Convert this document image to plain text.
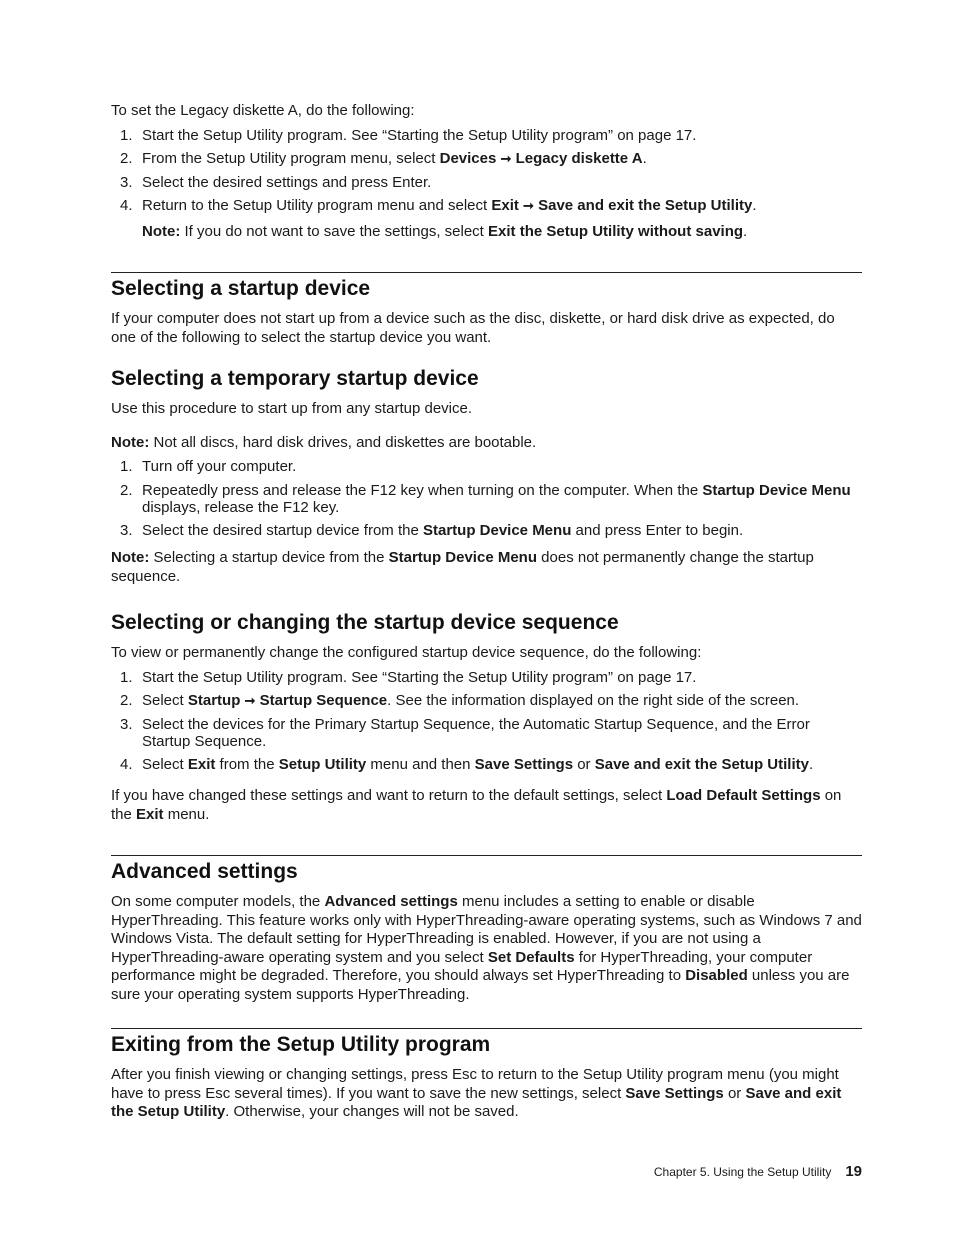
To set the Legacy diskette A, do the following:

1. Start the Setup Utility program. See “Starting the Setup Utility program” on page 17.
2. From the Setup Utility program menu, select Devices ➞ Legacy diskette A.
3. Select the desired settings and press Enter.
4. Return to the Setup Utility program menu and select Exit ➞ Save and exit the Setup Utility.

Note: If you do not want to save the settings, select Exit the Setup Utility without saving.

Selecting a startup device

If your computer does not start up from a device such as the disc, diskette, or hard disk drive as expected, do one of the following to select the startup device you want.

Selecting a temporary startup device

Use this procedure to start up from any startup device.

Note: Not all discs, hard disk drives, and diskettes are bootable.

1. Turn off your computer.
2. Repeatedly press and release the F12 key when turning on the computer. When the Startup Device Menu displays, release the F12 key.
3. Select the desired startup device from the Startup Device Menu and press Enter to begin.

Note: Selecting a startup device from the Startup Device Menu does not permanently change the startup sequence.

Selecting or changing the startup device sequence

To view or permanently change the configured startup device sequence, do the following:

1. Start the Setup Utility program. See “Starting the Setup Utility program” on page 17.
2. Select Startup ➞ Startup Sequence. See the information displayed on the right side of the screen.
3. Select the devices for the Primary Startup Sequence, the Automatic Startup Sequence, and the Error Startup Sequence.
4. Select Exit from the Setup Utility menu and then Save Settings or Save and exit the Setup Utility.

If you have changed these settings and want to return to the default settings, select Load Default Settings on the Exit menu.

Advanced settings

On some computer models, the Advanced settings menu includes a setting to enable or disable HyperThreading. This feature works only with HyperThreading-aware operating systems, such as Windows 7 and Windows Vista. The default setting for HyperThreading is enabled. However, if you are not using a HyperThreading-aware operating system and you select Set Defaults for HyperThreading, your computer performance might be degraded. Therefore, you should always set HyperThreading to Disabled unless you are sure your operating system supports HyperThreading.

Exiting from the Setup Utility program

After you finish viewing or changing settings, press Esc to return to the Setup Utility program menu (you might have to press Esc several times). If you want to save the new settings, select Save Settings or Save and exit the Setup Utility. Otherwise, your changes will not be saved.

Chapter 5. Using the Setup Utility 19
